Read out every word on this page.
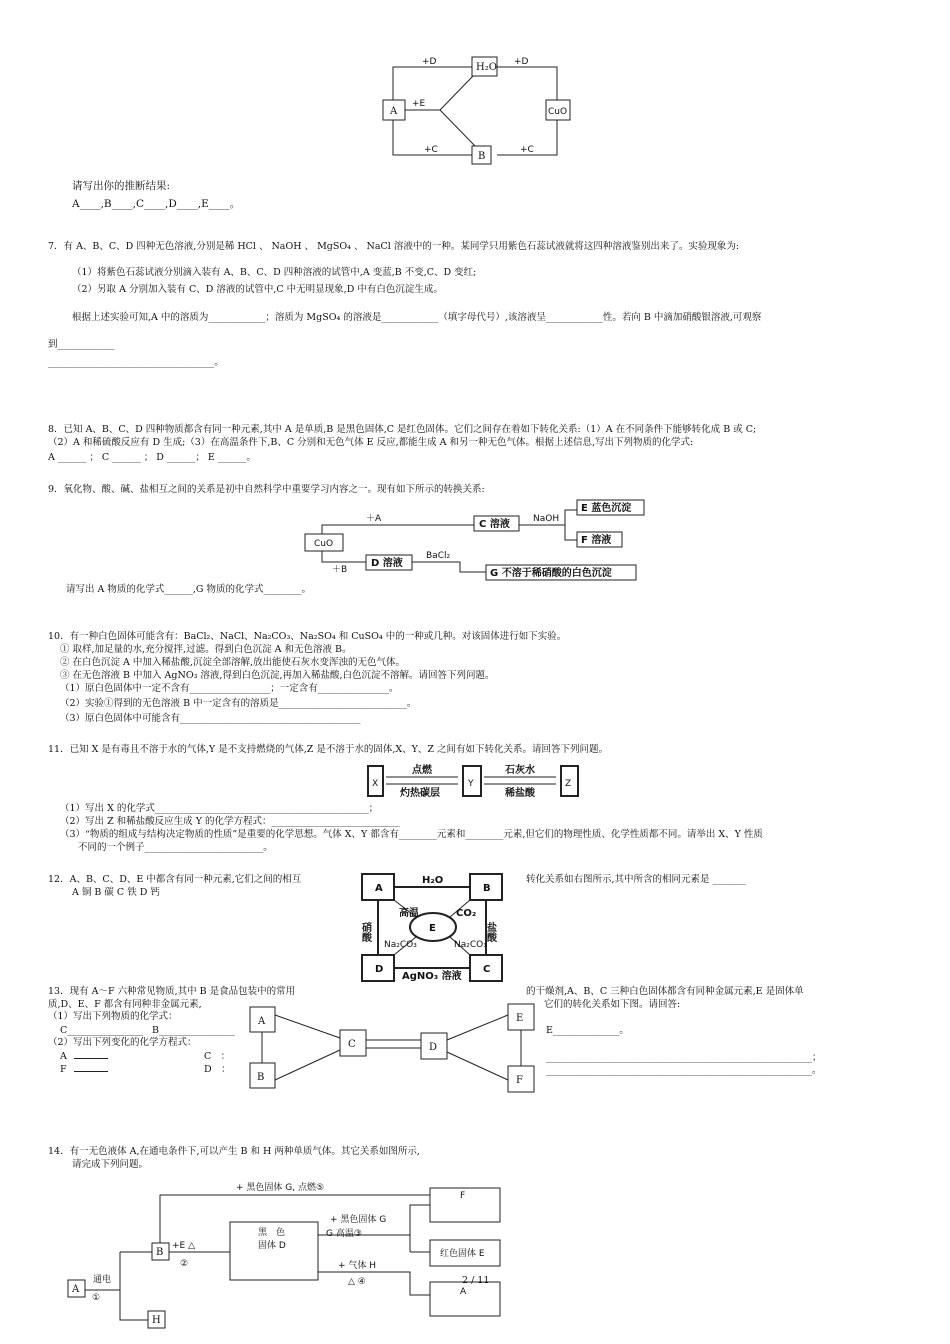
H₂O
A	CuO
B
+D	+D
+E
+C	+C
CuO
C 溶液
D 溶液
E 蓝色沉淀
F 溶液
G 不溶于稀硝酸的白色沉淀
＋A
＋B
NaOH
BaCl₂
X	Y	Z
点燃
灼热碳层
石灰水
稀盐酸
A	B
D	C
E
H₂O
高温	CO₂
硝酸	盐酸
Na₂CO₃	Na₂CO₃
AgNO₃ 溶液
A
B
C	D
E
F
A
B
H
+ 黑色固体 G, 点燃⑤
F
+E △
②
黑　色
固体 D
+ 黑色固体 G
G 高温③
红色固体 E
+ 气体 H
△ ④
A
通电
①
请写出你的推断结果:
A____,B____,C____,D____,E____。
7．有 A、B、C、D 四种无色溶液,分别是稀 HCl 、 NaOH 、 MgSO₄ 、 NaCl 溶液中的一种。某同学只用紫色石蕊试液就将这四种溶液鉴别出来了。实验现象为:
（1）将紫色石蕊试液分别滴入装有 A、B、C、D 四种溶液的试管中,A 变蓝,B 不变,C、D 变红;
（2）另取 A 分别加入装有 C、D 溶液的试管中,C 中无明显现象,D 中有白色沉淀生成。
根据上述实验可知,A 中的溶质为____________；溶质为 MgSO₄ 的溶液是____________（填字母代号）,该溶液呈____________性。若向 B 中滴加硝酸银溶液,可观察
到____________
___________________________________。
8．已知 A、B、C、D 四种物质都含有同一种元素,其中 A 是单质,B 是黑色固体,C 是红色固体。它们之间存在着如下转化关系:（1）A 在不同条件下能够转化成 B 或 C;
（2）A 和稀硫酸反应有 D 生成;（3）在高温条件下,B、C 分别和无色气体 E 反应,都能生成 A 和另一种无色气体。根据上述信息,写出下列物质的化学式:
A ______ ； C ______ ； D ______； E ______。
9．氧化物、酸、碱、盐相互之间的关系是初中自然科学中重要学习内容之一。现有如下所示的转换关系:
请写出 A 物质的化学式______,G 物质的化学式________。
10．有一种白色固体可能含有：BaCl₂、NaCl、Na₂CO₃、Na₂SO₄ 和 CuSO₄ 中的一种或几种。对该固体进行如下实验。
① 取样,加足量的水,充分搅拌,过滤。得到白色沉淀 A 和无色溶液 B。
② 在白色沉淀 A 中加入稀盐酸,沉淀全部溶解,放出能使石灰水变浑浊的无色气体。
③ 在无色溶液 B 中加入 AgNO₃ 溶液,得到白色沉淀,再加入稀盐酸,白色沉淀不溶解。请回答下列问题。
（1）原白色固体中一定不含有_________________；一定含有_______________。
（2）实验①得到的无色溶液 B 中一定含有的溶质是___________________________。
（3）原白色固体中可能含有______________________________________
11．已知 X 是有毒且不溶于水的气体,Y 是不支持燃烧的气体,Z 是不溶于水的固体,X、Y、Z 之间有如下转化关系。请回答下列问题。
（1）写出 X 的化学式_____________________________________________；
（2）写出 Z 和稀盐酸反应生成 Y 的化学方程式：___________________________
（3）“物质的组成与结构决定物质的性质”是重要的化学思想。气体 X、Y 都含有________元素和________元素,但它们的物理性质、化学性质都不同。请举出 X、Y 性质
不同的一个例子_________________________。
12．A、B、C、D、E 中都含有同一种元素,它们之间的相互	转化关系如右图所示,其中所含的相同元素是 _______
A 铜 B 碳 C 铁 D 钙
13．现有 A～F 六种常见物质,其中 B 是食品包装中的常用	的干燥剂,A、B、C 三种白色固体都含有同种金属元素,E 是固体单
质,D、E、F 都含有同种非金属元素,	它们的转化关系如下图。请回答:
（1）写出下列物质的化学式：
C________________ B________________	E______________。
（2）写出下列变化的化学方程式：
A	C　：	________________________________________________________；
F	D　：	________________________________________________________。
14．有一无色液体 A,在通电条件下,可以产生 B 和 H 两种单质气体。其它关系如图所示,
请完成下列问题。
2 / 11
